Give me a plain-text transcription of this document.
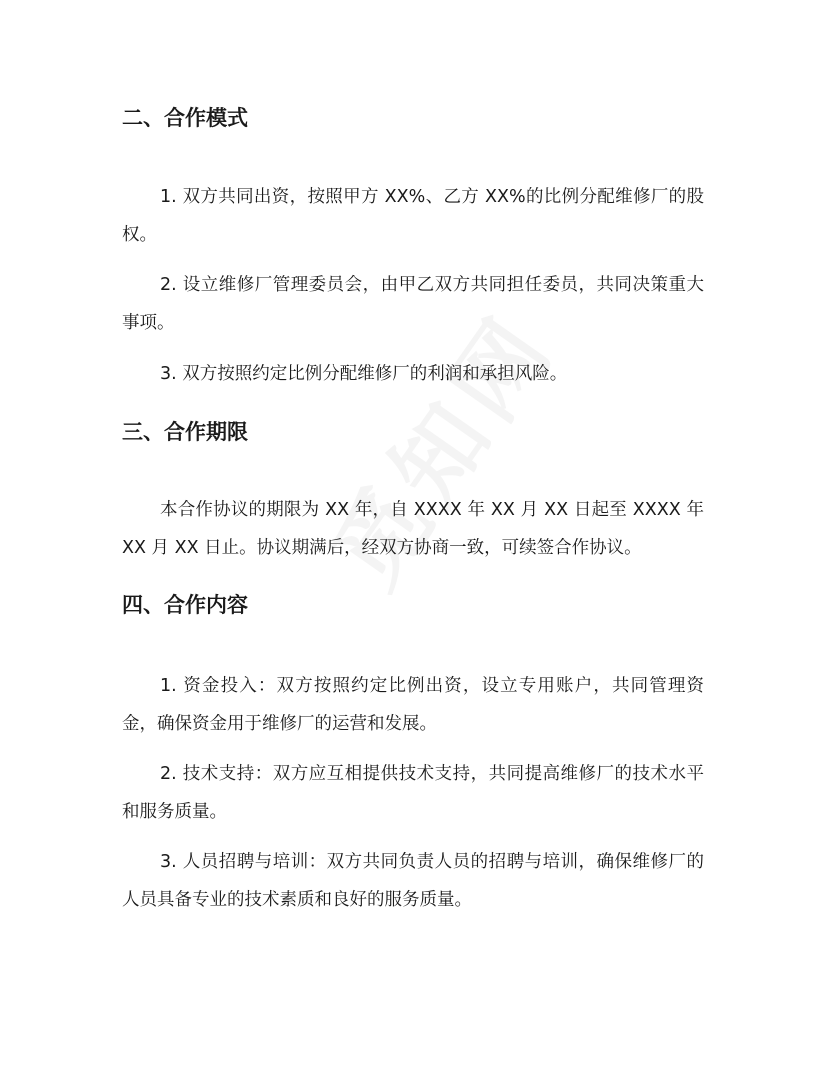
二、合作模式

1. 双方共同出资，按照甲方 XX%、乙方 XX%的比例分配维修厂的股权。

2. 设立维修厂管理委员会，由甲乙双方共同担任委员，共同决策重大事项。

3. 双方按照约定比例分配维修厂的利润和承担风险。

三、合作期限

本合作协议的期限为 XX 年，自 XXXX 年 XX 月 XX 日起至 XXXX 年 XX 月 XX 日止。协议期满后，经双方协商一致，可续签合作协议。

四、合作内容

1. 资金投入：双方按照约定比例出资，设立专用账户，共同管理资金，确保资金用于维修厂的运营和发展。

2. 技术支持：双方应互相提供技术支持，共同提高维修厂的技术水平和服务质量。

3. 人员招聘与培训：双方共同负责人员的招聘与培训，确保维修厂的人员具备专业的技术素质和良好的服务质量。
